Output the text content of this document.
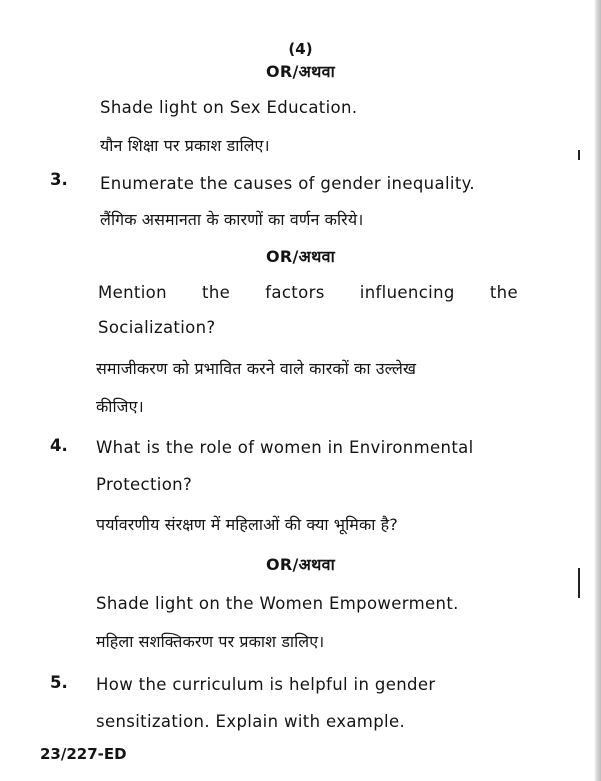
(4)
OR/अथवा
Shade light on Sex Education.
यौन शिक्षा पर प्रकाश डालिए।
3. Enumerate the causes of gender inequality.
लैंगिक असमानता के कारणों का वर्णन करिये।
OR/अथवा
Mention the factors influencing the
Socialization?
समाजीकरण को प्रभावित करने वाले कारकों का उल्लेख
कीजिए।
4. What is the role of women in Environmental
Protection?
पर्यावरणीय संरक्षण में महिलाओं की क्या भूमिका है?
OR/अथवा
Shade light on the Women Empowerment.
महिला सशक्तिकरण पर प्रकाश डालिए।
5. How the curriculum is helpful in gender
sensitization. Explain with example.
23/227-ED
